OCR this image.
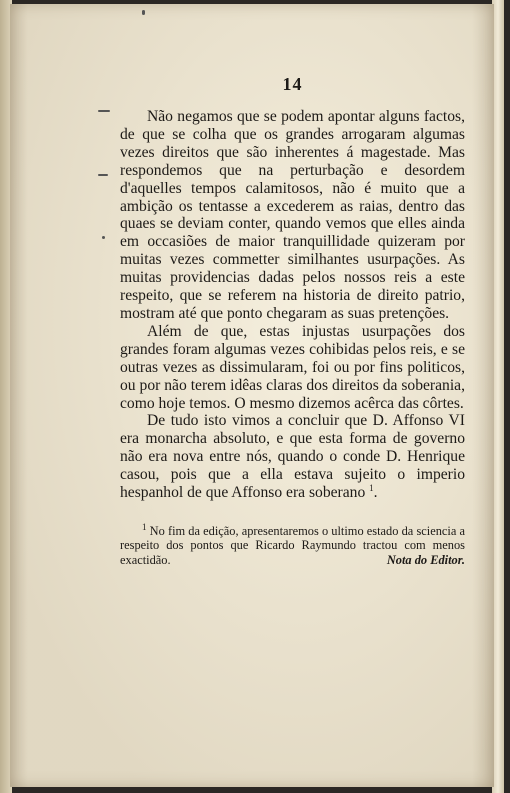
14

Não negamos que se podem apontar alguns factos, de que se colha que os grandes arrogaram algumas vezes direitos que são inherentes á magestade. Mas respondemos que na perturbação e desordem d'aquelles tempos calamitosos, não é muito que a ambição os tentasse a excederem as raias, dentro das quaes se deviam conter, quando vemos que elles ainda em occasiões de maior tranquillidade quizeram por muitas vezes commetter similhantes usurpações. As muitas providencias dadas pelos nossos reis a este respeito, que se referem na historia de direito patrio, mostram até que ponto chegaram as suas pretenções.

Além de que, estas injustas usurpações dos grandes foram algumas vezes cohibidas pelos reis, e se outras vezes as dissimularam, foi ou por fins politicos, ou por não terem idêas claras dos direitos da soberania, como hoje temos. O mesmo dizemos acêrca das côrtes.

De tudo isto vimos a concluir que D. Affonso VI era monarcha absoluto, e que esta forma de governo não era nova entre nós, quando o conde D. Henrique casou, pois que a ella estava sujeito o imperio hespanhol de que Affonso era soberano $^1$.

$^1$ No fim da edição, apresentaremos o ultimo estado da sciencia a respeito dos pontos que Ricardo Raymundo tractou com menos exactidão.	Nota do Editor.
